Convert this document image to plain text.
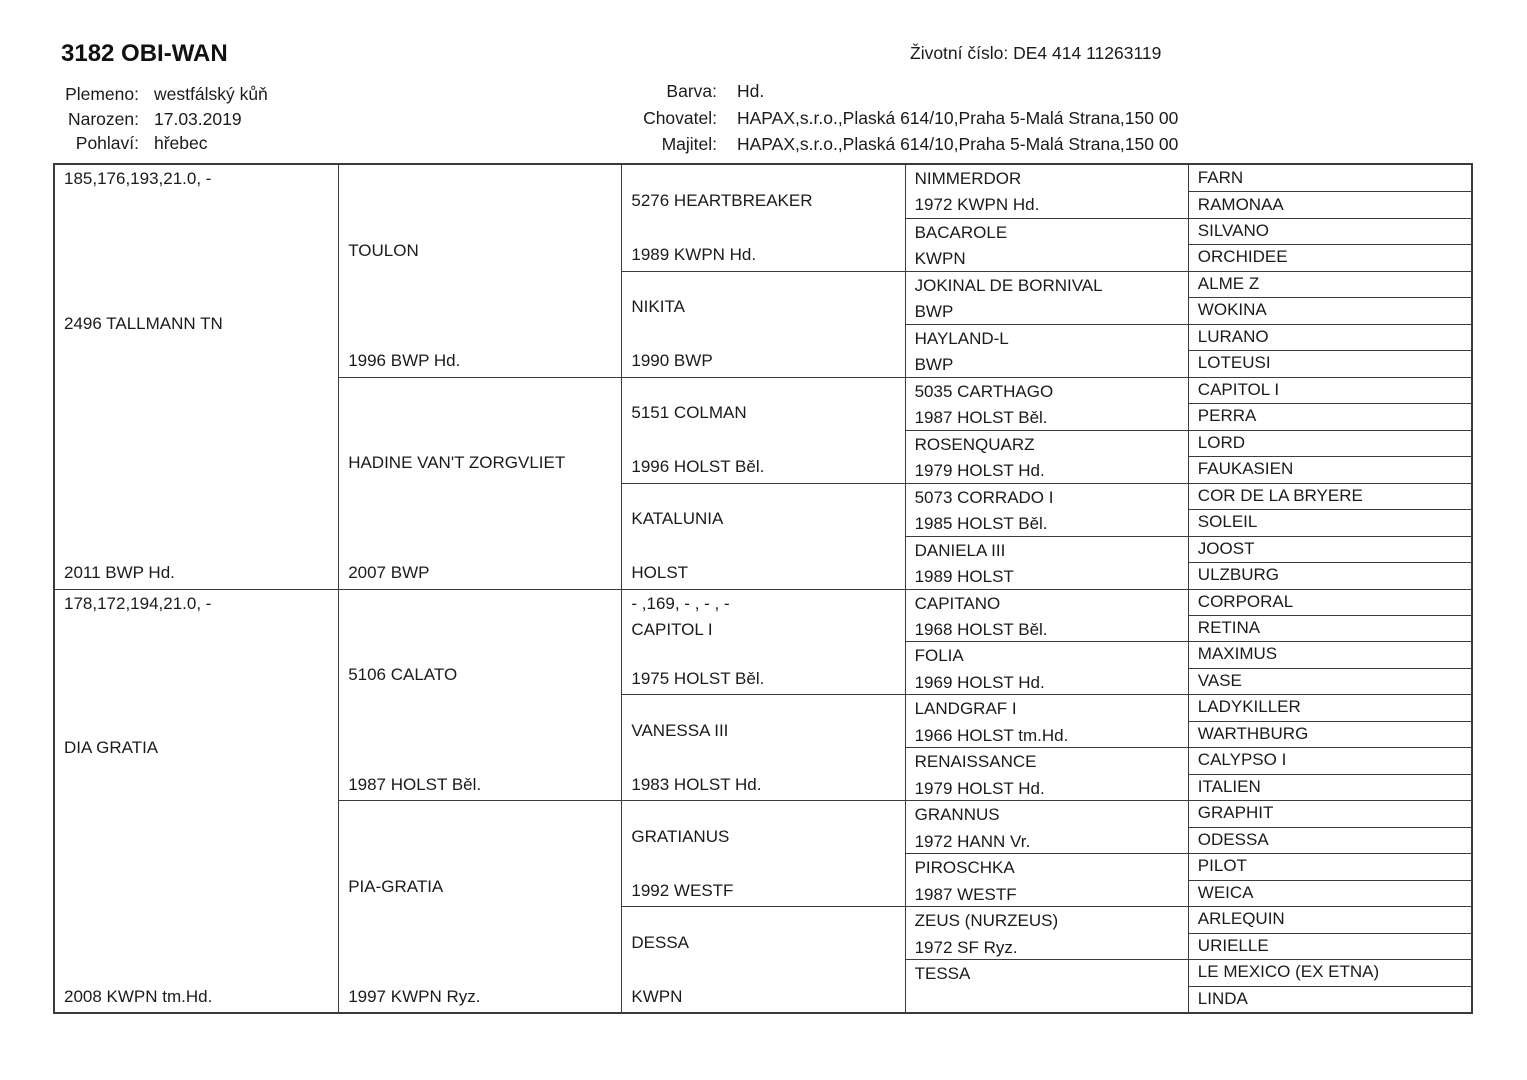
3182 OBI-WAN
Plemeno: westfálský kůň
Narozen: 17.03.2019
Pohlaví: hřebec
Životní číslo: DE4 414 11263119
Barva: Hd.
Chovatel: HAPAX,s.r.o.,Plaská 614/10,Praha 5-Malá Strana,150 00
Majitel: HAPAX,s.r.o.,Plaská 614/10,Praha 5-Malá Strana,150 00
185,176,193,21.0, -
2496 TALLMANN TN
2011 BWP Hd.
178,172,194,21.0, -
DIA GRATIA
2008 KWPN tm.Hd.
TOULON
1996 BWP Hd.
HADINE VAN'T ZORGVLIET
2007 BWP
5106 CALATO
1987 HOLST Běl.
PIA-GRATIA
1997 KWPN Ryz.
5276 HEARTBREAKER
1989 KWPN Hd.
NIKITA
1990 BWP
5151 COLMAN
1996 HOLST Běl.
KATALUNIA
HOLST
- ,169, - , - , -
CAPITOL I
1975 HOLST Běl.
VANESSA III
1983 HOLST Hd.
GRATIANUS
1992 WESTF
DESSA
KWPN
NIMMERDOR
1972 KWPN Hd.
BACAROLE
KWPN
JOKINAL DE BORNIVAL
BWP
HAYLAND-L
BWP
5035 CARTHAGO
1987 HOLST Běl.
ROSENQUARZ
1979 HOLST Hd.
5073 CORRADO I
1985 HOLST Běl.
DANIELA III
1989 HOLST
CAPITANO
1968 HOLST Běl.
FOLIA
1969 HOLST Hd.
LANDGRAF I
1966 HOLST tm.Hd.
RENAISSANCE
1979 HOLST Hd.
GRANNUS
1972 HANN Vr.
PIROSCHKA
1987 WESTF
ZEUS (NURZEUS)
1972 SF Ryz.
TESSA
FARN
RAMONAA
SILVANO
ORCHIDEE
ALME Z
WOKINA
LURANO
LOTEUSI
CAPITOL I
PERRA
LORD
FAUKASIEN
COR DE LA BRYERE
SOLEIL
JOOST
ULZBURG
CORPORAL
RETINA
MAXIMUS
VASE
LADYKILLER
WARTHBURG
CALYPSO I
ITALIEN
GRAPHIT
ODESSA
PILOT
WEICA
ARLEQUIN
URIELLE
LE MEXICO (EX ETNA)
LINDA
